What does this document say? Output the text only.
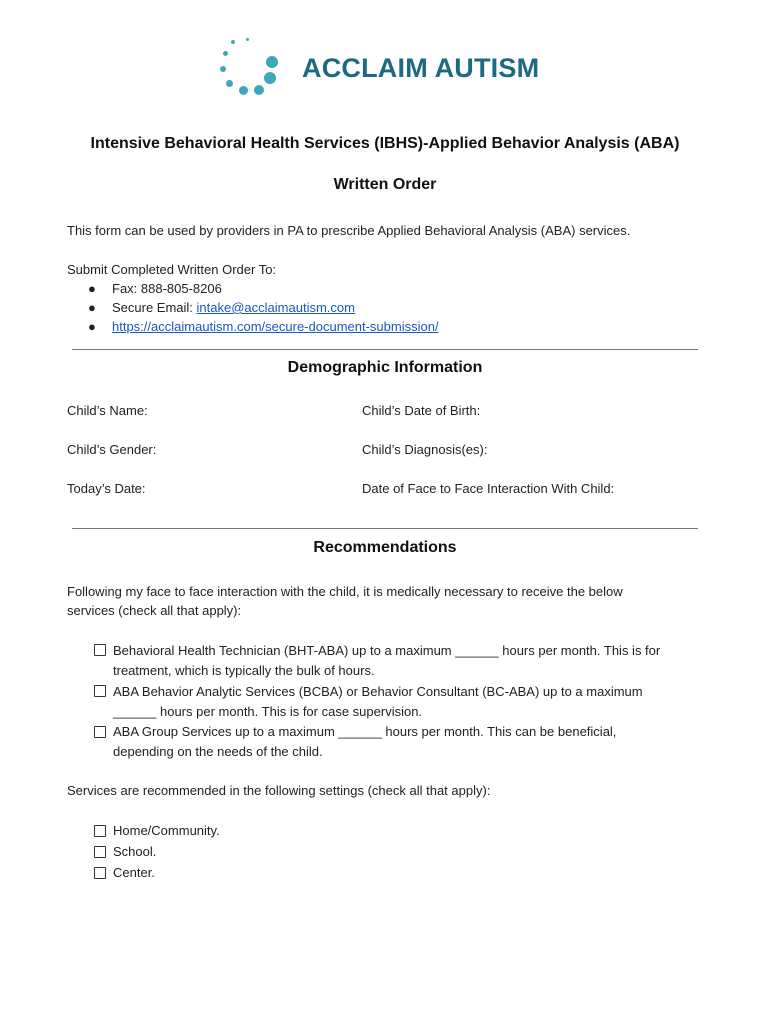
ACCLAIM AUTISM
Intensive Behavioral Health Services (IBHS)-Applied Behavior Analysis (ABA)
Written Order
This form can be used by providers in PA to prescribe Applied Behavioral Analysis (ABA) services.
Submit Completed Written Order To:
● Fax: 888-805-8206
● Secure Email: intake@acclaimautism.com
● https://acclaimautism.com/secure-document-submission/
Demographic Information
Child’s Name:	Child’s Date of Birth:
Child’s Gender:	Child’s Diagnosis(es):
Today’s Date:	Date of Face to Face Interaction With Child:
Recommendations
Following my face to face interaction with the child, it is medically necessary to receive the below
services (check all that apply):
Behavioral Health Technician (BHT-ABA) up to a maximum ______ hours per month. This is for
treatment, which is typically the bulk of hours.
ABA Behavior Analytic Services (BCBA) or Behavior Consultant (BC-ABA) up to a maximum
______ hours per month. This is for case supervision.
ABA Group Services up to a maximum ______ hours per month. This can be beneficial,
depending on the needs of the child.
Services are recommended in the following settings (check all that apply):
Home/Community.
School.
Center.
